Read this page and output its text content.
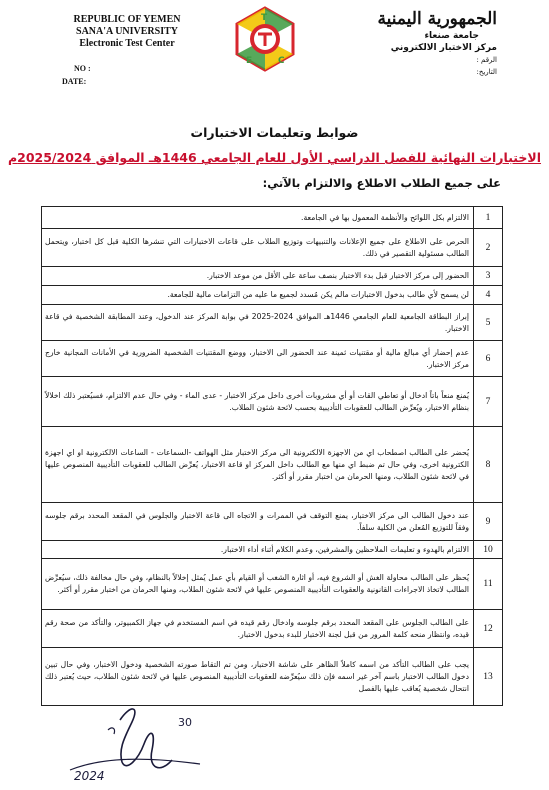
REPUBLIC OF YEMEN
SANA'A UNIVERSITY
Electronic Test Center
NO :
DATE:
E	C
T	الجمهورية اليمنية
جامعة صنعاء
مركز الاختبار الالكتروني
الرقم :
التاريخ:
ضوابط وتعليمات الاختبارات
الاختبارات النهائية للفصل الدراسي الأول للعام الجامعي 1446هـ الموافق 2025/2024م
على جميع الطلاب الاطلاع والالتزام بالآتي:
1	الالتزام بكل اللوائح والأنظمة المعمول بها في الجامعة.
2	الحرص على الاطلاع على جميع الإعلانات والتنبيهات وتوزيع الطلاب على قاعات الاختبارات التي تنشرها الكلية قبل كل اختبار، ويتحمل الطالب مسئولية التقصير في ذلك.
3	الحضور إلى مركز الاختبار قبل بدء الاختبار بنصف ساعة على الأقل من موعد الاختبار.
4	لن يسمح لأي طالب بدخول الاختبارات مالم يكن مُسدد لجميع ما عليه من التزامات مالية للجامعة.
5	إبراز البطاقة الجامعية للعام الجامعي 1446هـ الموافق 2024-2025 في بوابة المركز عند الدخول، وعند المطابقة الشخصية في قاعة الاختبار.
6	عدم إحضار أي مبالغ مالية أو مقتنيات ثمينة عند الحضور الى الاختبار، ووضع المقتنيات الشخصية الضرورية في الأمانات المجانية خارج مركز الاختبار.
7	يُمنع منعاً باتاً ادخال أو تعاطي القات أو أي مشروبات أخرى داخل مركز الاختبار - عدى الماء - وفي حال عدم الالتزام، فسيُعتبر ذلك اخلالاً بنظام الاختبار، ويُعرِّض الطالب للعقوبات التأديبية بحسب لائحة شئون الطلاب.
8	يُحضر على الطالب اصطحاب اي من الاجهزة الالكترونية الى مركز الاختبار مثل الهواتف -السماعات - الساعات الالكترونية او اي اجهزة الكترونية اخرى، وفي حال تم ضبط اي منها مع الطالب داخل المركز او قاعة الاختبار، يُعرِّض الطالب للعقوبات التأديبية المنصوص عليها في لائحة شئون الطلاب، ومنها الحرمان من اختبار مقرر أو أكثر.
9	عند دخول الطالب الى مركز الاختبار، يمنع التوقف في الممرات و الاتجاه الى قاعة الاختبار والجلوس في المقعد المحدد برقم جلوسه وفقاً للتوزيع المُعلن من الكلية سلفاً.
10	الالتزام بالهدوء و تعليمات الملاحظين والمشرفين، وعدم الكلام أثناء أداء الاختبار.
11	يُحظر على الطالب محاولة الغش أو الشروع فيه، أو اثارة الشغب أو القيام بأي عمل يُمثل إخلالاً بالنظام، وفي حال مخالفة ذلك، سيُعرِّض الطالب لاتخاذ الاجراءات القانونية والعقوبات التأديبية المنصوص عليها في لائحة شئون الطلاب، ومنها الحرمان من اختبار مقرر أو أكثر.
12	على الطالب الجلوس على المقعد المحدد برقم جلوسه وادخال رقم قيده في اسم المستخدم في جهاز الكمبيوتر، والتأكد من صحة رقم قيده، وانتظار منحه كلمة المرور من قبل لجنة الاختبار للبدء بدخول الاختبار.
13	يجب على الطالب التأكد من اسمه كاملاً الظاهر على شاشة الاختبار، ومن تم التقاط صورته الشخصية ودخول الاختبار، وفي حال تبين دخول الطالب الاختبار باسم آخر غير اسمه فإن ذلك سيُعرِّضه للعقوبات التأديبية المنصوص عليها في لائحة شئون الطلاب، حيث يُعتبر ذلك انتحال شخصية يُعاقب عليها بالفصل
30
2024
